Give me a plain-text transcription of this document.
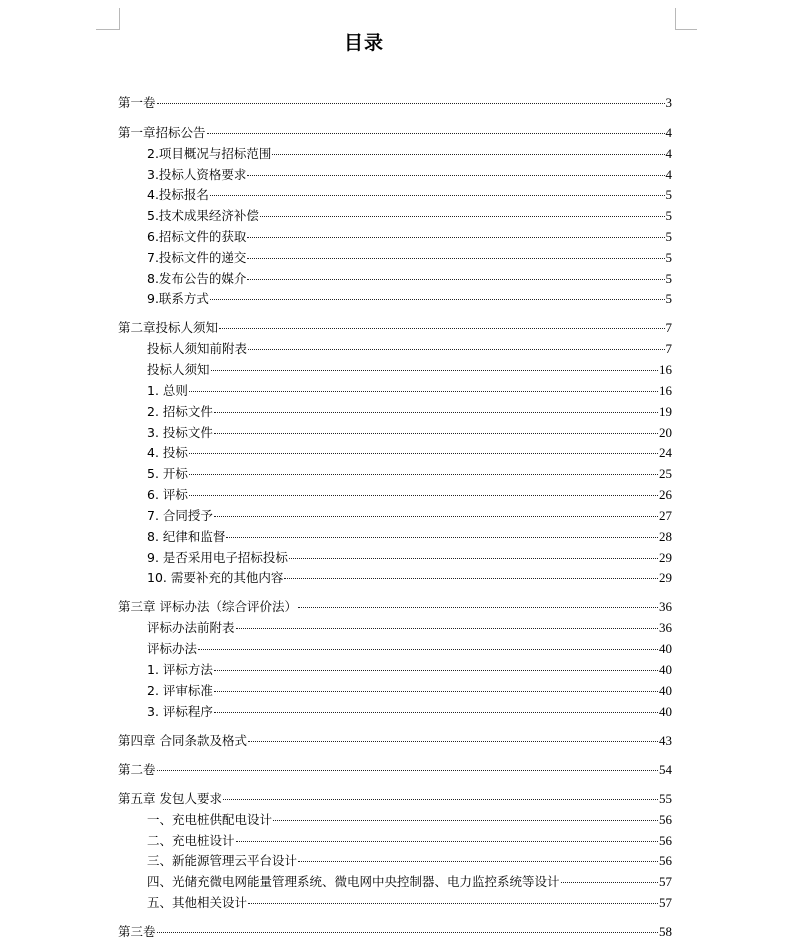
目录
第一卷	3
第一章招标公告	4
2.项目概况与招标范围	4
3.投标人资格要求	4
4.投标报名	5
5.技术成果经济补偿	5
6.招标文件的获取	5
7.投标文件的递交	5
8.发布公告的媒介	5
9.联系方式	5
第二章投标人须知	7
投标人须知前附表	7
投标人须知	16
1. 总则	16
2. 招标文件	19
3. 投标文件	20
4. 投标	24
5. 开标	25
6. 评标	26
7. 合同授予	27
8. 纪律和监督	28
9. 是否采用电子招标投标	29
10. 需要补充的其他内容	29
第三章 评标办法（综合评价法）	36
评标办法前附表	36
评标办法	40
1. 评标方法	40
2. 评审标准	40
3. 评标程序	40
第四章 合同条款及格式	43
第二卷	54
第五章 发包人要求	55
一、充电桩供配电设计	56
二、充电桩设计	56
三、新能源管理云平台设计	56
四、光储充微电网能量管理系统、微电网中央控制器、电力监控系统等设计	57
五、其他相关设计	57
第三卷	58
